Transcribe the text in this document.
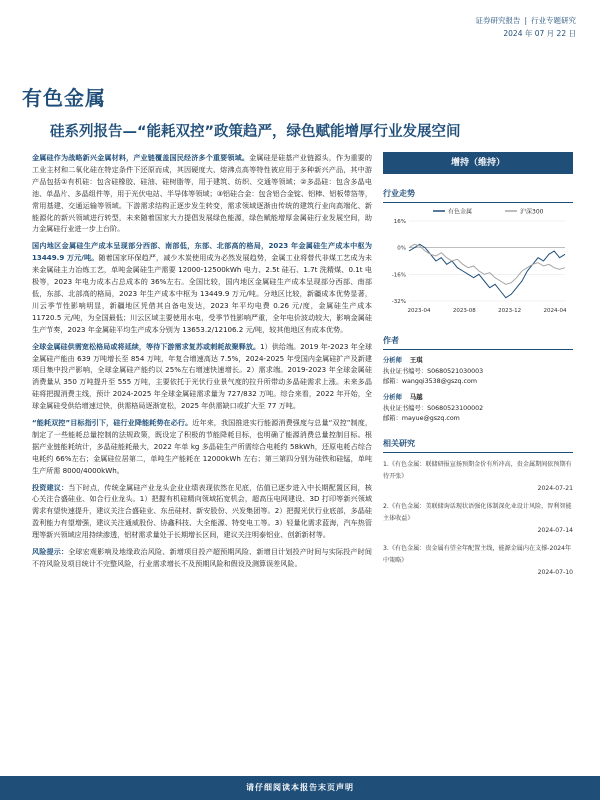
证券研究报告 | 行业专题研究
2024 年 07 月 22 日
有色金属
硅系列报告—“能耗双控”政策趋严，绿色赋能增厚行业发展空间

金属硅作为战略新兴金属材料，产业链覆盖国民经济多个重要领域。金属硅是硅基产业链源头，作为重要的工业主材和二氧化硅在特定条件下还原而成，其因硬度大、熔沸点高等特性被应用于多种新兴产品，其中游产品包括①有机硅：包含硅橡胶、硅油、硅树脂等，用于建筑、纺织、交通等领域；②多晶硅：包含多晶电池、单晶片、多晶组件等，用于光伏电站、半导体等领域；③铝硅合金：包含铝合金锭、铝棒、铝板带箔等，常用基建、交通运输等领域。下游需求结构正逐步发生转变，需求领域逐渐由传统的建筑行业向高端化、新能源化的新兴领域进行转型，未来随着国家大力提倡发展绿色能源，绿色赋能增厚金属硅行业发展空间，助力金属硅行业进一步上台阶。

国内地区金属硅生产成本呈现部分西部、南部低，东部、北部高的格局，2023 年金属硅生产成本中枢为 13449.9 万元/吨。随着国家环保趋严，减少木炭使用成为必然发展趋势，金属工业将替代非煤工艺成为未来金属硅主力冶炼工艺，单吨金属硅生产需要 12000-12500kWh 电力、2.5t 硅石、1.7t 洗精煤、0.1t 电极等，2023 年电力成本占总成本的 36%左右。全国比较，国内地区金属硅生产成本呈现部分西部、南部低，东部、北部高的格局，2023 年生产成本中枢为 13449.9 万元/吨。分地区比较，新疆成本优势显著，川云季节性影响明显，新疆地区凭借其自备电发达，2023 年平均电费 0.26 元/度，金属硅生产成本 11720.5 元/吨，为全国最低；川云区域主要使用水电，受季节性影响严重，全年电价波动较大，影响金属硅生产节奏，2023 年金属硅平均生产成本分别为 13653.2/12106.2 元/吨，较其他地区有成本优势。

全球金属硅供需宽松格局或将延续，等待下游需求复苏或刺耗故聚释放。1）供给端。2019 年-2023 年全球金属硅产能由 639 万吨增长至 854 万吨，年复合增速高达 7.5%，2024-2025 年受国内金属硅扩产及新建项目集中投产影响，全球金属硅产能约以 25%左右增速快速增长。2）需求端。2019-2023 年全球金属硅消费量从 350 万吨提升至 555 万吨，主要依托于光伏行业景气度的拉升所带动多晶硅需求上涨。未来多晶硅将把握消费主线，预计 2024-2025 年全球金属硅需求量为 727/832 万吨。综合来看，2022 年开始，全球金属硅受供给增速过快，供需格局逐渐宽松，2025 年供需缺口或扩大至 77 万吨。

“能耗双控”目标指引下，硅行业降能耗势在必行。近年来，我国推进实行能源消费强度与总量“双控”制度，制定了一些能耗总量控制的法规政策，既设定了积极的节能降耗目标，也明确了能源消费总量控制目标。根据产业链能耗统计，多晶硅能耗最大，2022 年单 kg 多晶硅生产所需综合电耗约 58kWh，还原电耗占综合电耗约 66%左右；金属硅位居第二，单吨生产能耗在 12000kWh 左右；第三第四分别为硅铁和硅锰，单吨生产所需 8000/4000kWh。

投资建议：当下时点，传统金属硅产业龙头企业业绩表现依然在见底，估值已逐步进入中长期配置区间，核心关注合盛硅业、如合行业龙头。1）把握有机硅精向领域拓宽机会，超高压电网建设、3D 打印等新兴领域需求有望快速提升，建议关注合盛硅业、东岳硅材、新安股份、兴发集团等。2）把握光伏行业底部，多晶硅盈利能力有望增强，建议关注通威股份、协鑫科技、大全能源、特变电工等。3）轻量化需求蓝海，汽车热管理等新兴领域应用持续渗透，铝材需求量处于长期增长区间，建议关注明泰铝业、创新新材等。

风险提示：全球宏观影响及地缘政治风险、新增项目投产超预期风险、新增目计划投产时间与实际投产时间不符风险及项目统计不完整风险，行业需求增长不及预期风险和假设及测算误差风险。

增持（维持）
行业走势
有色金属	沪深300
16%
0%
-16%
-32%
2023-04	2023-08	2023-12	2024-04
作者
分析师 王琪
执业证书编号：S0680521030003
邮箱：wangqi3538@gszq.com
分析师 马越
执业证书编号：S0680523100002
邮箱：mayue@gszq.com
相关研究
1.《有色金属：联储研报宣扬预期金价有所冲高，贵金属期间依预期有待开张》
2024-07-21
2.《有色金属：美联储询话现状语强化体制深化业设计风险，智利智能主体收益》
2024-07-14
3.《有色金属：贵金属有望全年配置主线，能源金属内在支撑-2024年中策略》
2024-07-10
请仔细阅读本报告末页声明
